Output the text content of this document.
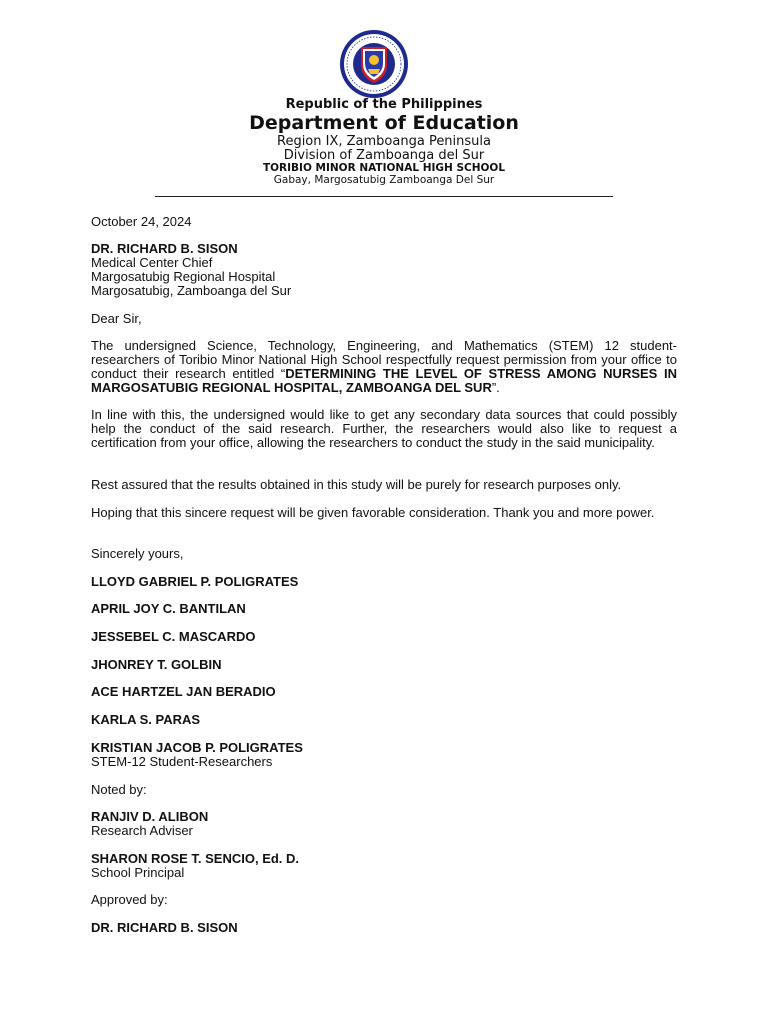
Republic of the Philippines
Department of Education
Region IX, Zamboanga Peninsula
Division of Zamboanga del Sur
TORIBIO MINOR NATIONAL HIGH SCHOOL
Gabay, Margosatubig Zamboanga Del Sur
October 24, 2024
DR. RICHARD B. SISON
Medical Center Chief
Margosatubig Regional Hospital
Margosatubig, Zamboanga del Sur
Dear Sir,
The undersigned Science, Technology, Engineering, and Mathematics (STEM) 12 student-researchers of Toribio Minor National High School respectfully request permission from your office to conduct their research entitled “DETERMINING THE LEVEL OF STRESS AMONG NURSES IN MARGOSATUBIG REGIONAL HOSPITAL, ZAMBOANGA DEL SUR”.
In line with this, the undersigned would like to get any secondary data sources that could possibly help the conduct of the said research. Further, the researchers would also like to request a certification from your office, allowing the researchers to conduct the study in the said municipality.
Rest assured that the results obtained in this study will be purely for research purposes only.
Hoping that this sincere request will be given favorable consideration. Thank you and more power.
Sincerely yours,
LLOYD GABRIEL P. POLIGRATES
APRIL JOY C. BANTILAN
JESSEBEL C. MASCARDO
JHONREY T. GOLBIN
ACE HARTZEL JAN BERADIO
KARLA S. PARAS
KRISTIAN JACOB P. POLIGRATES
STEM-12 Student-Researchers
Noted by:
RANJIV D. ALIBON
Research Adviser
SHARON ROSE T. SENCIO, Ed. D.
School Principal
Approved by:
DR. RICHARD B. SISON
